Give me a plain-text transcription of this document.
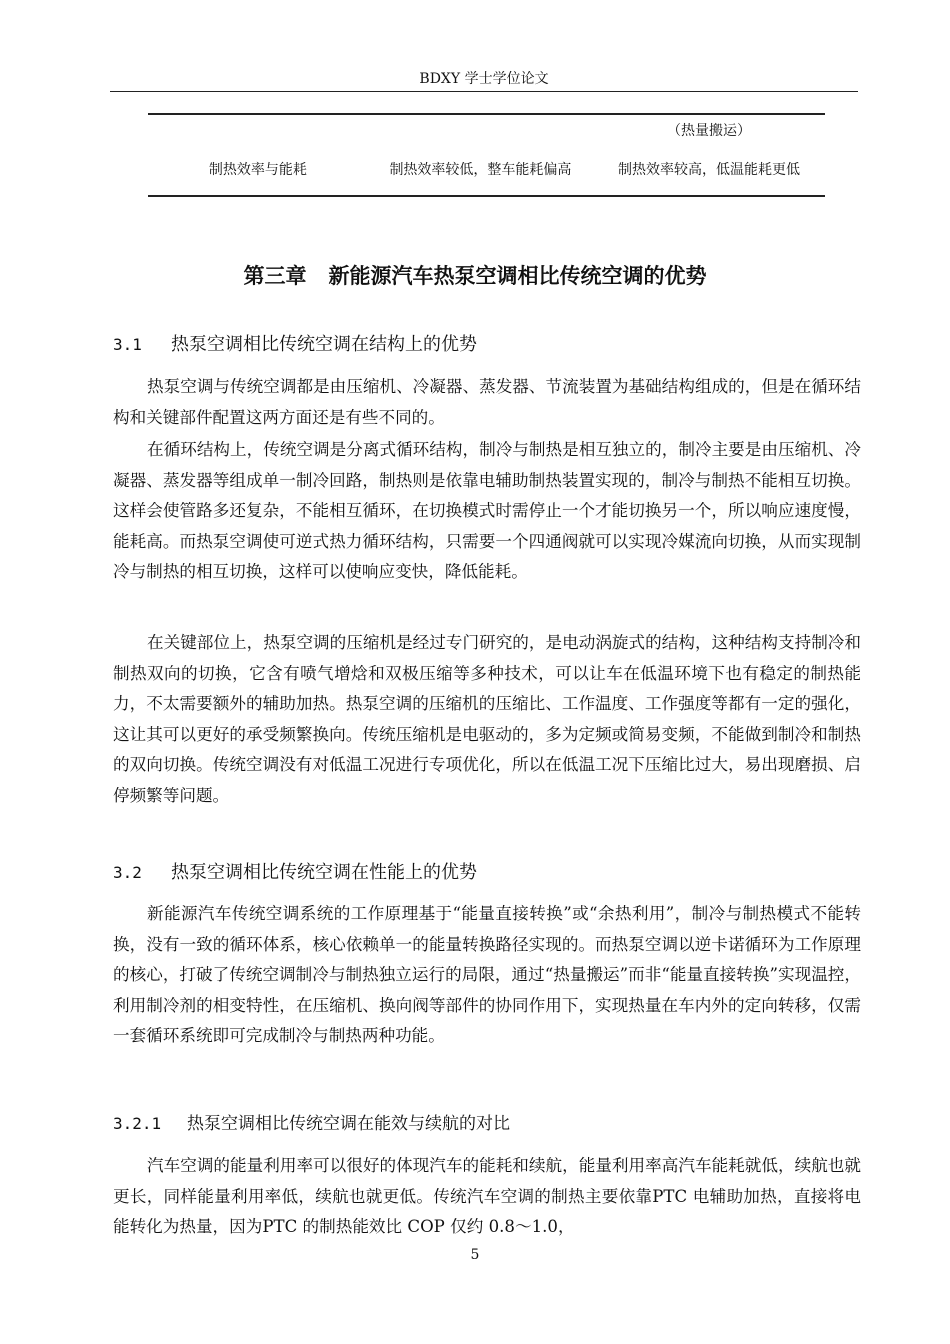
BDXY 学士学位论文
		（热量搬运）
制热效率与能耗	制热效率较低，整车能耗偏高	制热效率较高，低温能耗更低
第三章 新能源汽车热泵空调相比传统空调的优势
3.1 热泵空调相比传统空调在结构上的优势

热泵空调与传统空调都是由压缩机、冷凝器、蒸发器、节流装置为基础结构组成的，但是在循环结构和关键部件配置这两方面还是有些不同的。

在循环结构上，传统空调是分离式循环结构，制冷与制热是相互独立的，制冷主要是由压缩机、冷凝器、蒸发器等组成单一制冷回路，制热则是依靠电辅助制热装置实现的，制冷与制热不能相互切换。这样会使管路多还复杂，不能相互循环，在切换模式时需停止一个才能切换另一个，所以响应速度慢，能耗高。而热泵空调使可逆式热力循环结构，只需要一个四通阀就可以实现冷媒流向切换，从而实现制冷与制热的相互切换，这样可以使响应变快，降低能耗。

在关键部位上，热泵空调的压缩机是经过专门研究的，是电动涡旋式的结构，这种结构支持制冷和制热双向的切换，它含有喷气增焓和双极压缩等多种技术，可以让车在低温环境下也有稳定的制热能力，不太需要额外的辅助加热。热泵空调的压缩机的压缩比、工作温度、工作强度等都有一定的强化，这让其可以更好的承受频繁换向。传统压缩机是电驱动的，多为定频或简易变频，不能做到制冷和制热的双向切换。传统空调没有对低温工况进行专项优化，所以在低温工况下压缩比过大，易出现磨损、启停频繁等问题。

3.2 热泵空调相比传统空调在性能上的优势

新能源汽车传统空调系统的工作原理基于“能量直接转换”或“余热利用”，制冷与制热模式不能转换，没有一致的循环体系，核心依赖单一的能量转换路径实现的。而热泵空调以逆卡诺循环为工作原理的核心，打破了传统空调制冷与制热独立运行的局限，通过“热量搬运”而非“能量直接转换”实现温控，利用制冷剂的相变特性，在压缩机、换向阀等部件的协同作用下，实现热量在车内外的定向转移，仅需一套循环系统即可完成制冷与制热两种功能。

3.2.1 热泵空调相比传统空调在能效与续航的对比

汽车空调的能量利用率可以很好的体现汽车的能耗和续航，能量利用率高汽车能耗就低，续航也就更长，同样能量利用率低，续航也就更低。传统汽车空调的制热主要依靠PTC 电辅助加热，直接将电能转化为热量，因为PTC 的制热能效比 COP 仅约 0.8～1.0，

5
